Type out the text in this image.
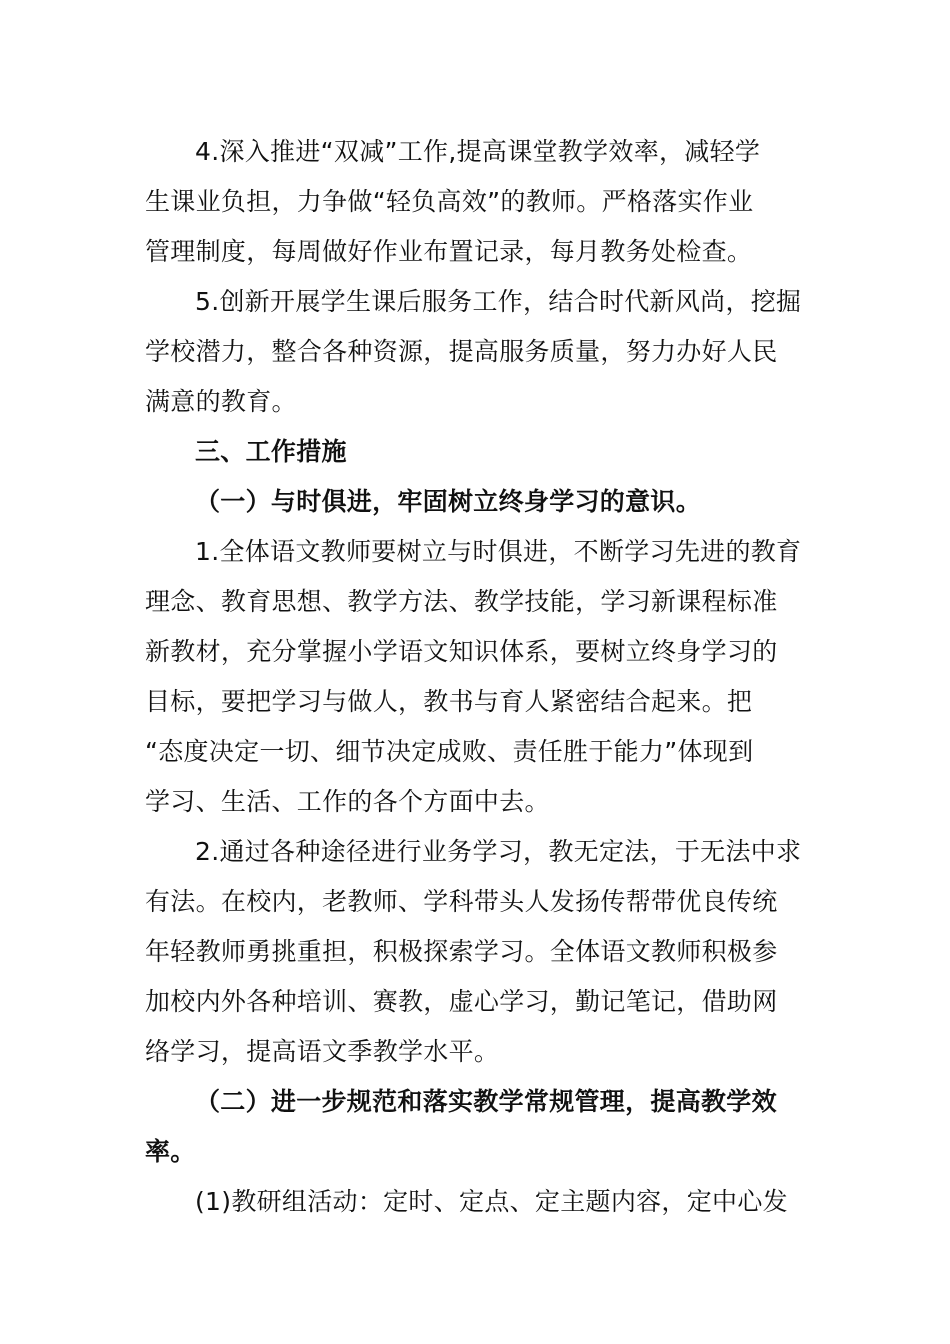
4.深入推进“双减”工作,提高课堂教学效率，减轻学
生课业负担，力争做“轻负高效”的教师。严格落实作业
管理制度，每周做好作业布置记录，每月教务处检查。
5.创新开展学生课后服务工作，结合时代新风尚，挖掘
学校潜力，整合各种资源，提高服务质量，努力办好人民
满意的教育。
三、工作措施
（一）与时俱进，牢固树立终身学习的意识。
1.全体语文教师要树立与时俱进，不断学习先进的教育
理念、教育思想、教学方法、教学技能，学习新课程标准
新教材，充分掌握小学语文知识体系，要树立终身学习的
目标，要把学习与做人，教书与育人紧密结合起来。把
“态度决定一切、细节决定成败、责任胜于能力”体现到
学习、生活、工作的各个方面中去。
2.通过各种途径进行业务学习，教无定法，于无法中求
有法。在校内，老教师、学科带头人发扬传帮带优良传统
年轻教师勇挑重担，积极探索学习。全体语文教师积极参
加校内外各种培训、赛教，虚心学习，勤记笔记，借助网
络学习，提高语文季教学水平。
（二）进一步规范和落实教学常规管理，提高教学效
率。
(1)教研组活动：定时、定点、定主题内容，定中心发
